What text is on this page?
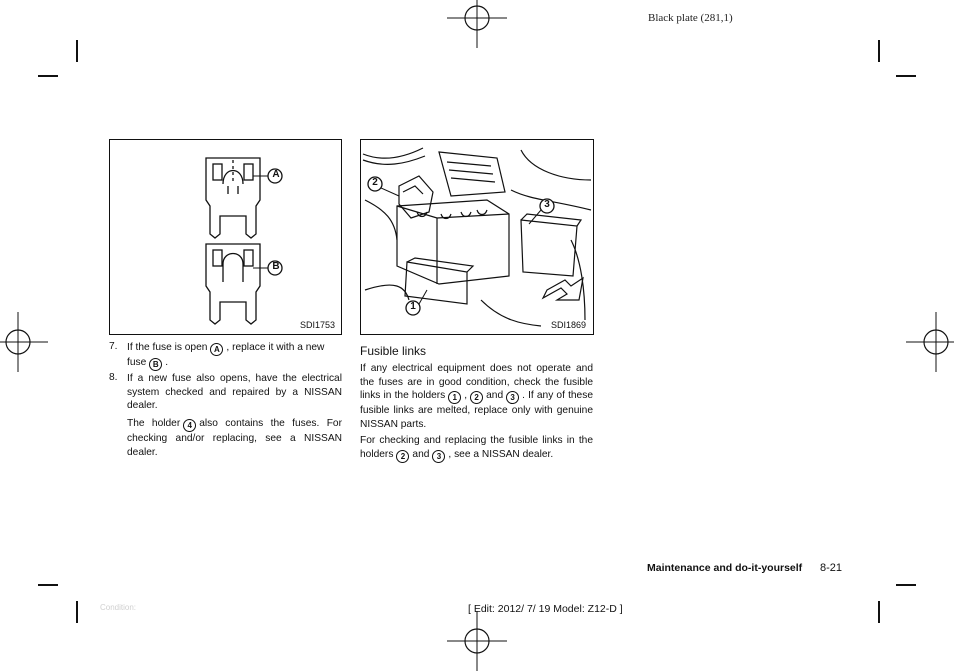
Black plate (281,1)
A
B
SDI1753
2
3
1
SDI1869
7. If the fuse is open A , replace it with a new
fuse B .
8. If a new fuse also opens, have the electrical system checked and repaired by a NISSAN dealer.
The holder 4 also contains the fuses. For checking and/or replacing, see a NISSAN dealer.
Fusible links
If any electrical equipment does not operate and the fuses are in good condition, check the fusible links in the holders 1 , 2 and 3 . If any of these fusible links are melted, replace only with genuine NISSAN parts.
For checking and replacing the fusible links in the holders 2 and 3 , see a NISSAN dealer.
Maintenance and do-it-yourself 8-21
Condition:	[ Edit: 2012/ 7/ 19 Model: Z12-D ]
